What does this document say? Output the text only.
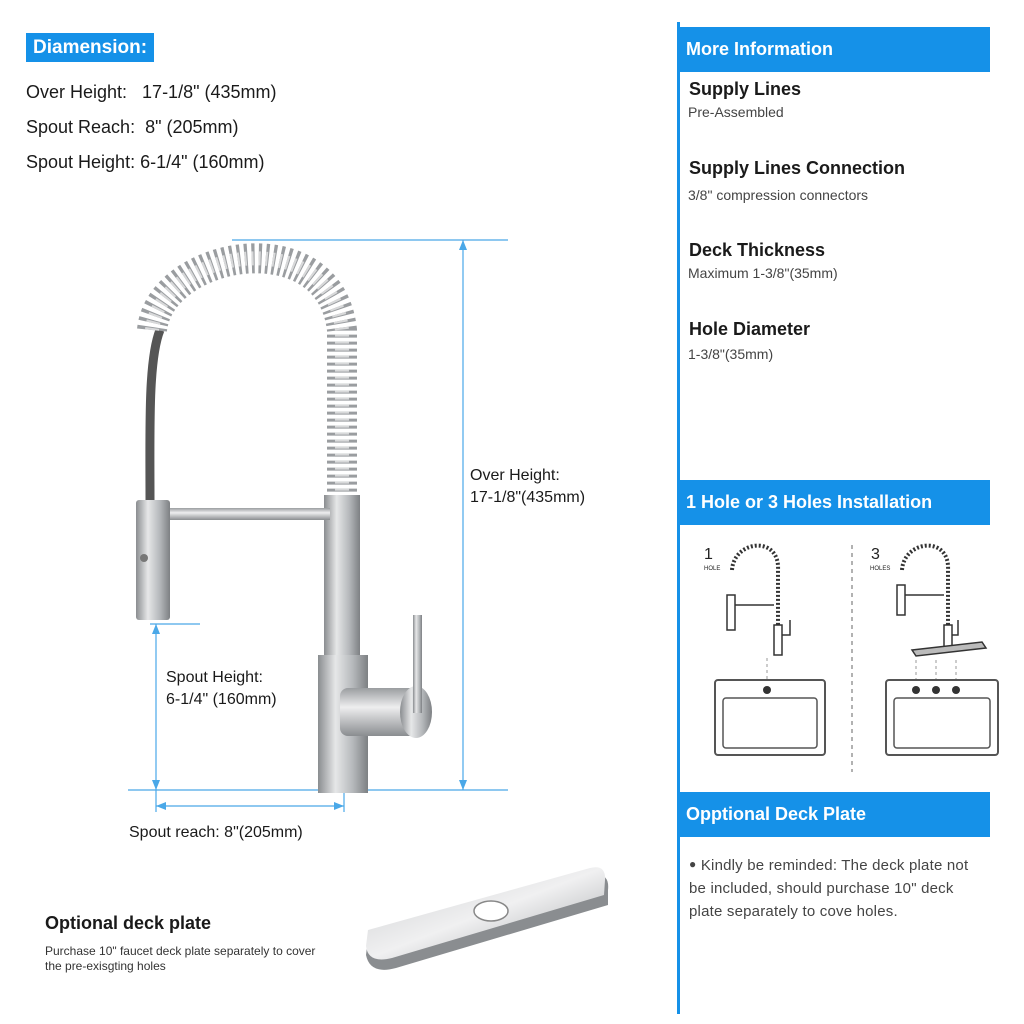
Diamension:
Over Height:   17-1/8" (435mm)
Spout Reach:  8" (205mm)
Spout Height: 6-1/4" (160mm)
Over Height:
17-1/8"(435mm)
Spout Height:
6-1/4" (160mm)
Spout reach: 8"(205mm)
Optional deck plate
Purchase 10" faucet deck plate separately to cover the pre-exisgting holes
More Information
Supply Lines
Pre-Assembled
Supply Lines Connection
3/8" compression connectors
Deck Thickness
Maximum 1-3/8"(35mm)
Hole Diameter
1-3/8"(35mm)
1 Hole or 3 Holes Installation
1
HOLE
3
HOLES
Opptional Deck Plate
● Kindly be reminded: The deck plate not be included, should purchase 10" deck plate separately to cove holes.
